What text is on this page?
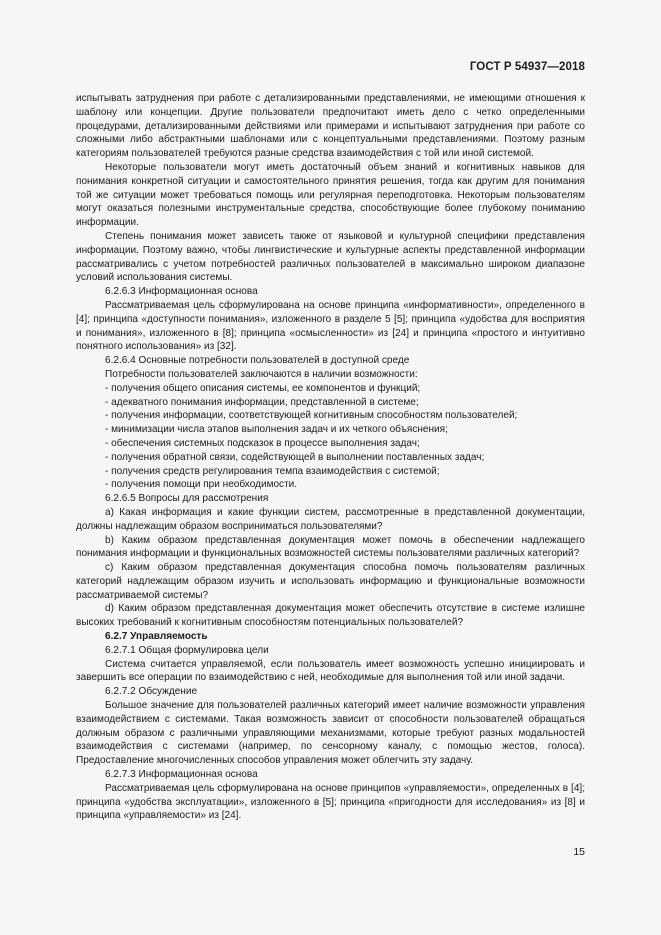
ГОСТ Р 54937—2018

испытывать затруднения при работе с детализированными представлениями, не имеющими отношения к шаблону или концепции. Другие пользователи предпочитают иметь дело с четко определенными процедурами, детализированными действиями или примерами и испытывают затруднения при работе со сложными либо абстрактными шаблонами или с концептуальными представлениями. Поэтому разным категориям пользователей требуются разные средства взаимодействия с той или иной системой.

Некоторые пользователи могут иметь достаточный объем знаний и когнитивных навыков для понимания конкретной ситуации и самостоятельного принятия решения, тогда как другим для понимания той же ситуации может требоваться помощь или регулярная переподготовка. Некоторым пользователям могут оказаться полезными инструментальные средства, способствующие более глубокому пониманию информации.

Степень понимания может зависеть также от языковой и культурной специфики представления информации. Поэтому важно, чтобы лингвистические и культурные аспекты представленной информации рассматривались с учетом потребностей различных пользователей в максимально широком диапазоне условий использования системы.

6.2.6.3 Информационная основа

Рассматриваемая цель сформулирована на основе принципа «информативности», определенного в [4]; принципа «доступности понимания», изложенного в разделе 5 [5]; принципа «удобства для восприятия и понимания», изложенного в [8]; принципа «осмысленности» из [24] и принципа «простого и интуитивно понятного использования» из [32].

6.2.6.4 Основные потребности пользователей в доступной среде

Потребности пользователей заключаются в наличии возможности:

- получения общего описания системы, ее компонентов и функций;

- адекватного понимания информации, представленной в системе;

- получения информации, соответствующей когнитивным способностям пользователей;

- минимизации числа этапов выполнения задач и их четкого объяснения;

- обеспечения системных подсказок в процессе выполнения задач;

- получения обратной связи, содействующей в выполнении поставленных задач;

- получения средств регулирования темпа взаимодействия с системой;

- получения помощи при необходимости.

6.2.6.5 Вопросы для рассмотрения

a) Какая информация и какие функции систем, рассмотренные в представленной документации, должны надлежащим образом восприниматься пользователями?

b) Каким образом представленная документация может помочь в обеспечении надлежащего понимания информации и функциональных возможностей системы пользователями различных категорий?

c) Каким образом представленная документация способна помочь пользователям различных категорий надлежащим образом изучить и использовать информацию и функциональные возможности рассматриваемой системы?

d) Каким образом представленная документация может обеспечить отсутствие в системе излишне высоких требований к когнитивным способностям потенциальных пользователей?

6.2.7 Управляемость

6.2.7.1 Общая формулировка цели

Система считается управляемой, если пользователь имеет возможность успешно инициировать и завершить все операции по взаимодействию с ней, необходимые для выполнения той или иной задачи.

6.2.7.2 Обсуждение

Большое значение для пользователей различных категорий имеет наличие возможности управления взаимодействием с системами. Такая возможность зависит от способности пользователей обращаться должным образом с различными управляющими механизмами, которые требуют разных модальностей взаимодействия с системами (например, по сенсорному каналу, с помощью жестов, голоса). Предоставление многочисленных способов управления может облегчить эту задачу.

6.2.7.3 Информационная основа

Рассматриваемая цель сформулирована на основе принципов «управляемости», определенных в [4]; принципа «удобства эксплуатации», изложенного в [5]; принципа «пригодности для исследования» из [8] и принципа «управляемости» из [24].

15
